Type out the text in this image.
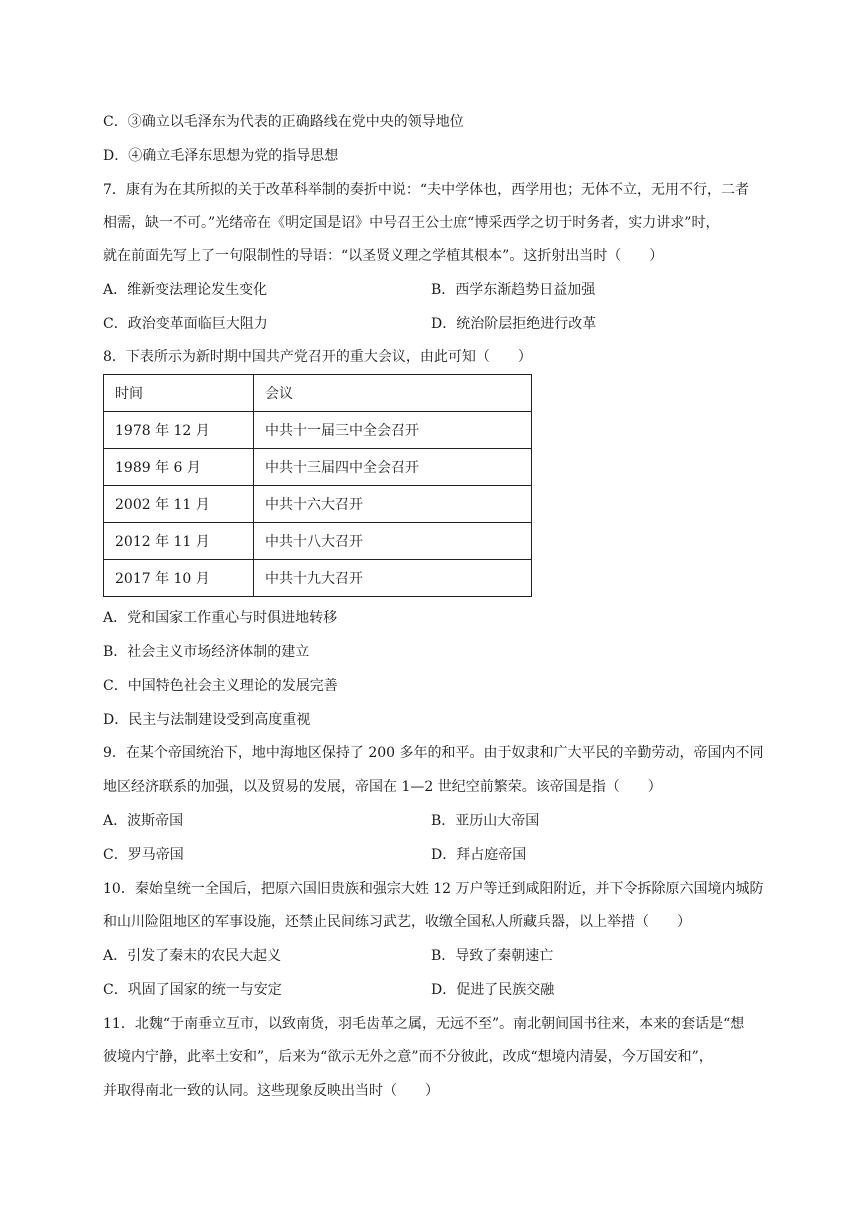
C．③确立以毛泽东为代表的正确路线在党中央的领导地位
D．④确立毛泽东思想为党的指导思想
7．康有为在其所拟的关于改革科举制的奏折中说：“夫中学体也，西学用也；无体不立，无用不行，二者
相需，缺一不可。”光绪帝在《明定国是诏》中号召王公士庶“博采西学之切于时务者，实力讲求”时，
就在前面先写上了一句限制性的导语：“以圣贤义理之学植其根本”。这折射出当时（　　）
A．维新变法理论发生变化	B．西学东渐趋势日益加强
C．政治变革面临巨大阻力	D．统治阶层拒绝进行改革
8．下表所示为新时期中国共产党召开的重大会议，由此可知（　　）
时间	会议
1978 年 12 月	中共十一届三中全会召开
1989 年 6 月	中共十三届四中全会召开
2002 年 11 月	中共十六大召开
2012 年 11 月	中共十八大召开
2017 年 10 月	中共十九大召开
A．党和国家工作重心与时俱进地转移
B．社会主义市场经济体制的建立
C．中国特色社会主义理论的发展完善
D．民主与法制建设受到高度重视
9．在某个帝国统治下，地中海地区保持了 200 多年的和平。由于奴隶和广大平民的辛勤劳动，帝国内不同
地区经济联系的加强，以及贸易的发展，帝国在 1—2 世纪空前繁荣。该帝国是指（　　）
A．波斯帝国	B．亚历山大帝国
C．罗马帝国	D．拜占庭帝国
10．秦始皇统一全国后，把原六国旧贵族和强宗大姓 12 万户等迁到咸阳附近，并下令拆除原六国境内城防
和山川险阻地区的军事设施，还禁止民间练习武艺，收缴全国私人所藏兵器，以上举措（　　）
A．引发了秦末的农民大起义	B．导致了秦朝速亡
C．巩固了国家的统一与安定	D．促进了民族交融
11．北魏“于南垂立互市，以致南货，羽毛齿革之属，无远不至”。南北朝间国书往来，本来的套话是“想
彼境内宁静，此率土安和”，后来为“欲示无外之意”而不分彼此，改成“想境内清晏，今万国安和”，
并取得南北一致的认同。这些现象反映出当时（　　）
